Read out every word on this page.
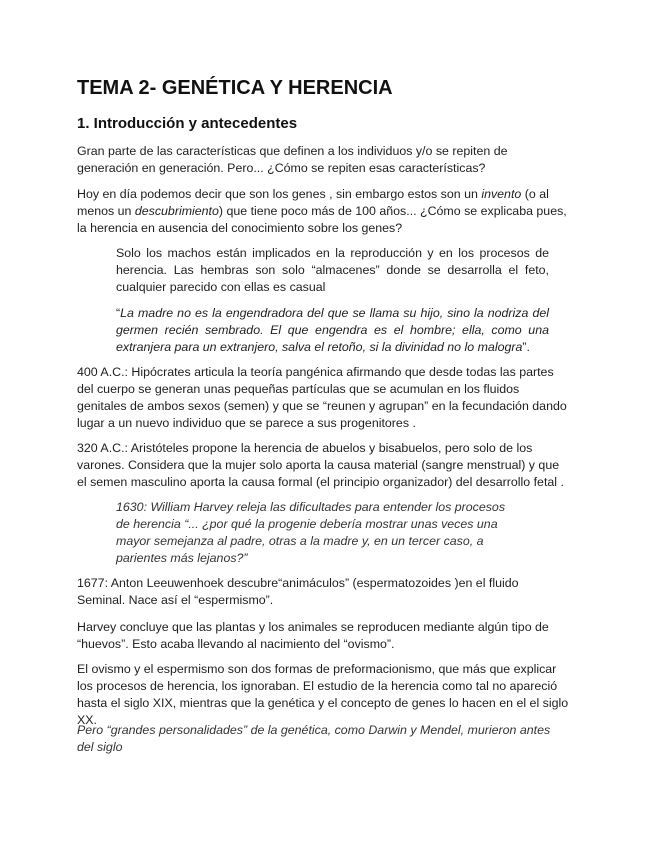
TEMA 2- GENÉTICA Y HERENCIA
1. Introducción y antecedentes

Gran parte de las características que definen a los individuos y/o se repiten de generación en generación. Pero... ¿Cómo se repiten esas características?

Hoy en día podemos decir que son los genes , sin embargo estos son un invento (o al menos un descubrimiento) que tiene poco más de 100 años... ¿Cómo se explicaba pues, la herencia en ausencia del conocimiento sobre los genes?

Solo los machos están implicados en la reproducción y en los procesos de herencia. Las hembras son solo “almacenes” donde se desarrolla el feto, cualquier parecido con ellas es casual

“La madre no es la engendradora del que se llama su hijo, sino la nodriza del germen recién sembrado. El que engendra es el hombre; ella, como una extranjera para un extranjero, salva el retoño, si la divinidad no lo malogra”.

400 A.C.: Hipócrates articula la teoría pangénica afirmando que desde todas las partes del cuerpo se generan unas pequeñas partículas que se acumulan en los fluidos genitales de ambos sexos (semen) y que se “reunen y agrupan” en la fecundación dando lugar a un nuevo individuo que se parece a sus progenitores .

320 A.C.: Aristóteles propone la herencia de abuelos y bisabuelos, pero solo de los varones. Considera que la mujer solo aporta la causa material (sangre menstrual) y que el semen masculino aporta la causa formal (el principio organizador) del desarrollo fetal .

1630: William Harvey releja las dificultades para entender los procesos de herencia “... ¿por qué la progenie debería mostrar unas veces una mayor semejanza al padre, otras a la madre y, en un tercer caso, a parientes más lejanos?”

1677: Anton Leeuwenhoek descubre“animáculos” (espermatozoides )en el fluido Seminal. Nace así el “espermismo”.

Harvey concluye que las plantas y los animales se reproducen mediante algún tipo de “huevos”. Esto acaba llevando al nacimiento del “ovismo”.

El ovismo y el espermismo son dos formas de preformacionismo, que más que explicar los procesos de herencia, los ignoraban. El estudio de la herencia como tal no apareció hasta el siglo XIX, mientras que la genética y el concepto de genes lo hacen en el el siglo XX.

Pero “grandes personalidades” de la genética, como Darwin y Mendel, murieron antes del siglo
